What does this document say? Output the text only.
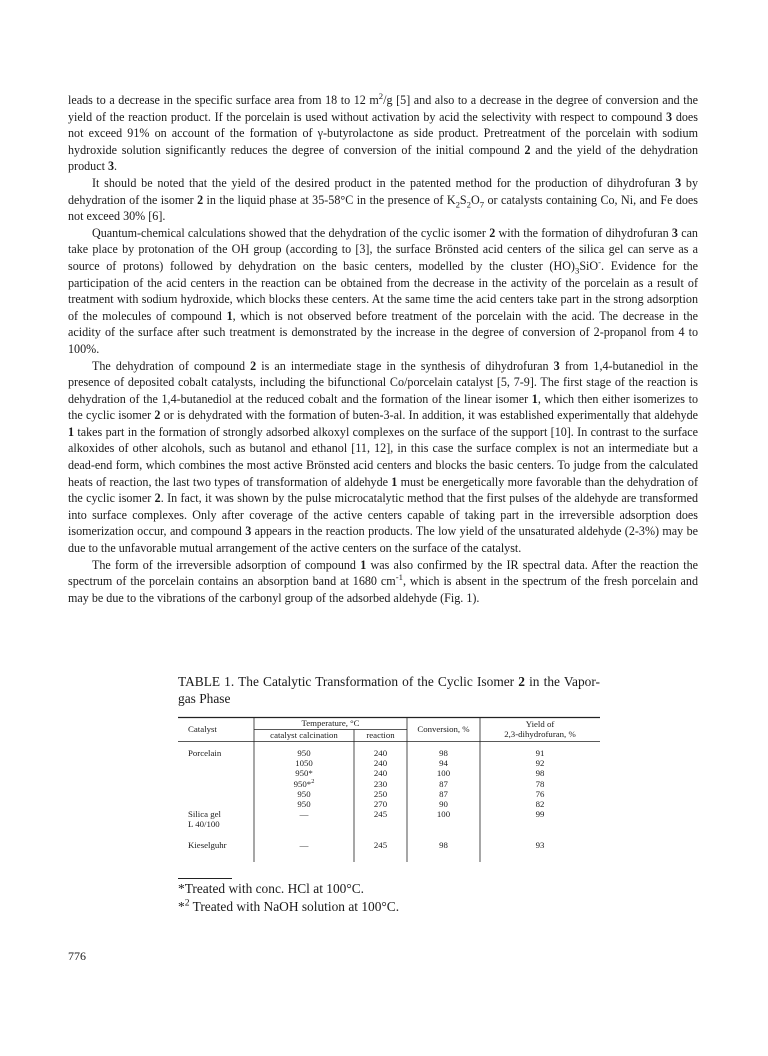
leads to a decrease in the specific surface area from 18 to 12 $m^2/g$ [5] and also to a decrease in the degree of conversion and the yield of the reaction product. If the porcelain is used without activation by acid the selectivity with respect to compound 3 does not exceed 91% on account of the formation of γ-butyrolactone as side product. Pretreatment of the porcelain with sodium hydroxide solution significantly reduces the degree of conversion of the initial compound 2 and the yield of the dehydration product 3.

It should be noted that the yield of the desired product in the patented method for the production of dihydrofuran 3 by dehydration of the isomer 2 in the liquid phase at 35-58°C in the presence of $K_2S_2O_7$ or catalysts containing Co, Ni, and Fe does not exceed 30% [6].

Quantum-chemical calculations showed that the dehydration of the cyclic isomer 2 with the formation of dihydrofuran 3 can take place by protonation of the OH group (according to [3], the surface Brönsted acid centers of the silica gel can serve as a source of protons) followed by dehydration on the basic centers, modelled by the cluster $(HO)_3SiO^-$. Evidence for the participation of the acid centers in the reaction can be obtained from the decrease in the activity of the porcelain as a result of treatment with sodium hydroxide, which blocks these centers. At the same time the acid centers take part in the strong adsorption of the molecules of compound 1, which is not observed before treatment of the porcelain with the acid. The decrease in the acidity of the surface after such treatment is demonstrated by the increase in the degree of conversion of 2-propanol from 4 to 100%.

The dehydration of compound 2 is an intermediate stage in the synthesis of dihydrofuran 3 from 1,4-butanediol in the presence of deposited cobalt catalysts, including the bifunctional Co/porcelain catalyst [5, 7-9]. The first stage of the reaction is dehydration of the 1,4-butanediol at the reduced cobalt and the formation of the linear isomer 1, which then either isomerizes to the cyclic isomer 2 or is dehydrated with the formation of buten-3-al. In addition, it was established experimentally that aldehyde 1 takes part in the formation of strongly adsorbed alkoxyl complexes on the surface of the support [10]. In contrast to the surface alkoxides of other alcohols, such as butanol and ethanol [11, 12], in this case the surface complex is not an intermediate but a dead-end form, which combines the most active Brönsted acid centers and blocks the basic centers. To judge from the calculated heats of reaction, the last two types of transformation of aldehyde 1 must be energetically more favorable than the dehydration of the cyclic isomer 2. In fact, it was shown by the pulse microcatalytic method that the first pulses of the aldehyde are transformed into surface complexes. Only after coverage of the active centers capable of taking part in the irreversible adsorption does isomerization occur, and compound 3 appears in the reaction products. The low yield of the unsaturated aldehyde (2-3%) may be due to the unfavorable mutual arrangement of the active centers on the surface of the catalyst.

The form of the irreversible adsorption of compound 1 was also confirmed by the IR spectral data. After the reaction the spectrum of the porcelain contains an absorption band at 1680 $cm^{-1}$, which is absent in the spectrum of the fresh porcelain and may be due to the vibrations of the carbonyl group of the adsorbed aldehyde (Fig. 1).

TABLE 1. The Catalytic Transformation of the Cyclic Isomer 2 in the Vapor-gas Phase
Catalyst	Temperature, °C		Conversion, %	Yield of
2,3-dihydrofuran, %

	catalyst calcination	reaction		

Porcelain	950	240	98	91
	1050	240	94	92
	950*	240	100	98
	950*$^2$	230	87	78
	950	250	87	76
	950	270	90	82
Silica gel	—	245	100	99
L 40/100				
Kieselguhr	—	245	98	93

*Treated with conc. HCl at 100°C.

*$^2$ Treated with NaOH solution at 100°C.

776
